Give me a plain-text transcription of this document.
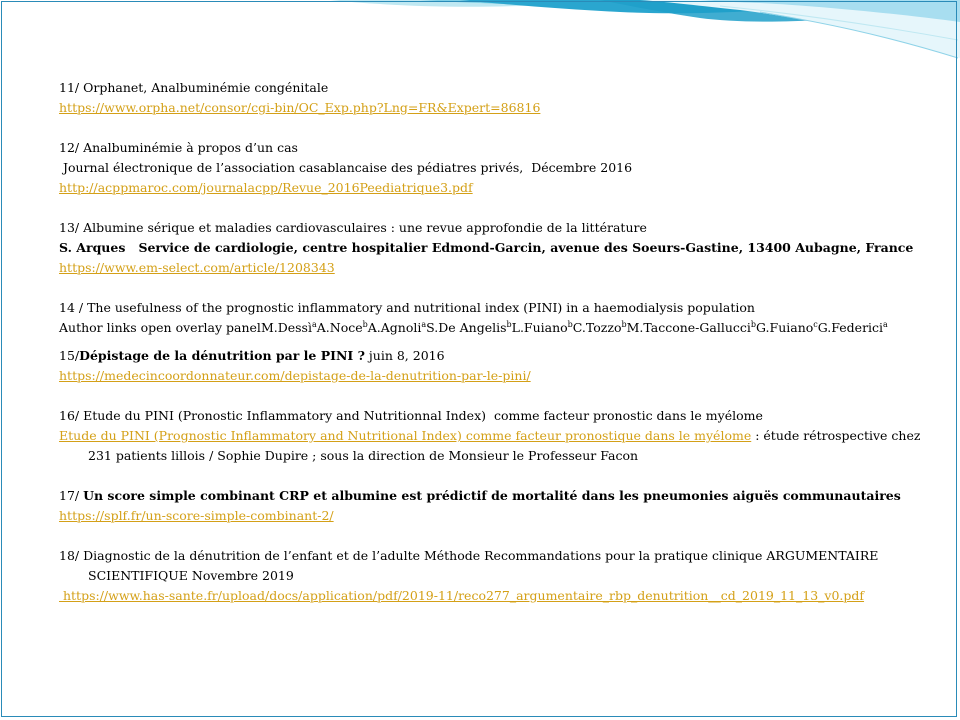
11/ Orphanet, Analbuminémie congénitale

https://www.orpha.net/consor/cgi-bin/OC_Exp.php?Lng=FR&Expert=86816

12/ Analbuminémie à propos d’un cas

Journal électronique de l’association casablancaise des pédiatres privés,  Décembre 2016

http://acppmaroc.com/journalacpp/Revue_2016Peediatrique3.pdf

13/ Albumine sérique et maladies cardiovasculaires : une revue approfondie de la littérature

S. Arques   Service de cardiologie, centre hospitalier Edmond-Garcin, avenue des Soeurs-Gastine, 13400 Aubagne, France

https://www.em-select.com/article/1208343

14 / The usefulness of the prognostic inflammatory and nutritional index (PINI) in a haemodialysis population

Author links open overlay panelM.Dessì$^a$A.Noce$^b$A.Agnoli$^a$S.De Angelis$^b$L.Fuiano$^b$C.Tozzo$^b$M.Taccone-Gallucci$^b$G.Fuiano$^c$G.Federici$^a$

15/Dépistage de la dénutrition par le PINI ? juin 8, 2016

https://medecincoordonnateur.com/depistage-de-la-denutrition-par-le-pini/

16/ Etude du PINI (Pronostic Inflammatory and Nutritionnal Index)  comme facteur pronostic dans le myélome

Etude du PINI (Prognostic Inflammatory and Nutritional Index) comme facteur pronostique dans le myélome : étude rétrospective chez 231 patients lillois / Sophie Dupire ; sous la direction de Monsieur le Professeur Facon

17/ Un score simple combinant CRP et albumine est prédictif de mortalité dans les pneumonies aiguës communautaires

https://splf.fr/un-score-simple-combinant-2/

18/ Diagnostic de la dénutrition de l’enfant et de l’adulte Méthode Recommandations pour la pratique clinique ARGUMENTAIRE SCIENTIFIQUE Novembre 2019

https://www.has-sante.fr/upload/docs/application/pdf/2019-11/reco277_argumentaire_rbp_denutrition__cd_2019_11_13_v0.pdf
